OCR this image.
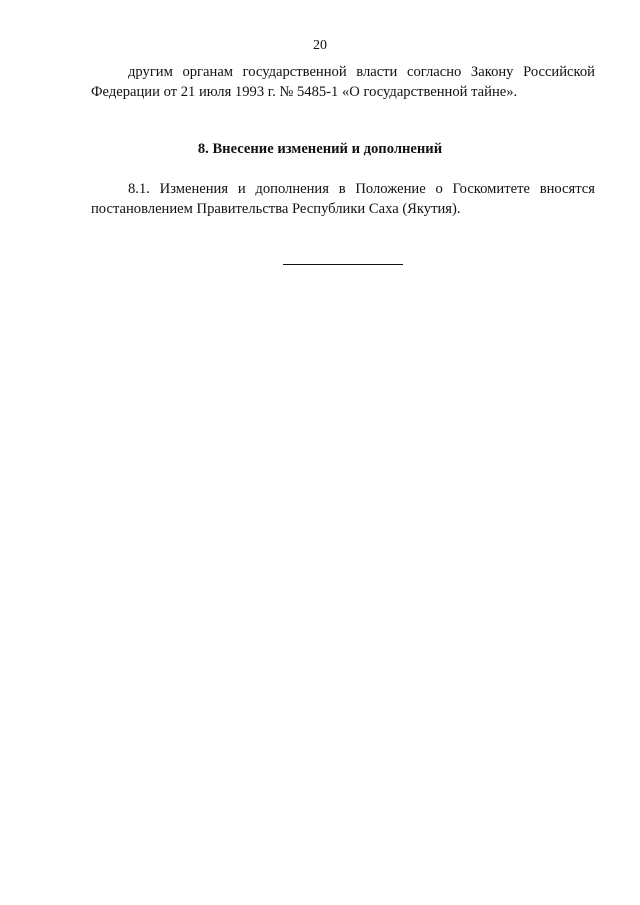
20
другим органам государственной власти согласно Закону Российской
Федерации от 21 июля 1993 г. № 5485-1 «О государственной тайне».
8. Внесение изменений и дополнений
8.1. Изменения и дополнения в Положение о Госкомитете вносятся
постановлением Правительства Республики Саха (Якутия).
